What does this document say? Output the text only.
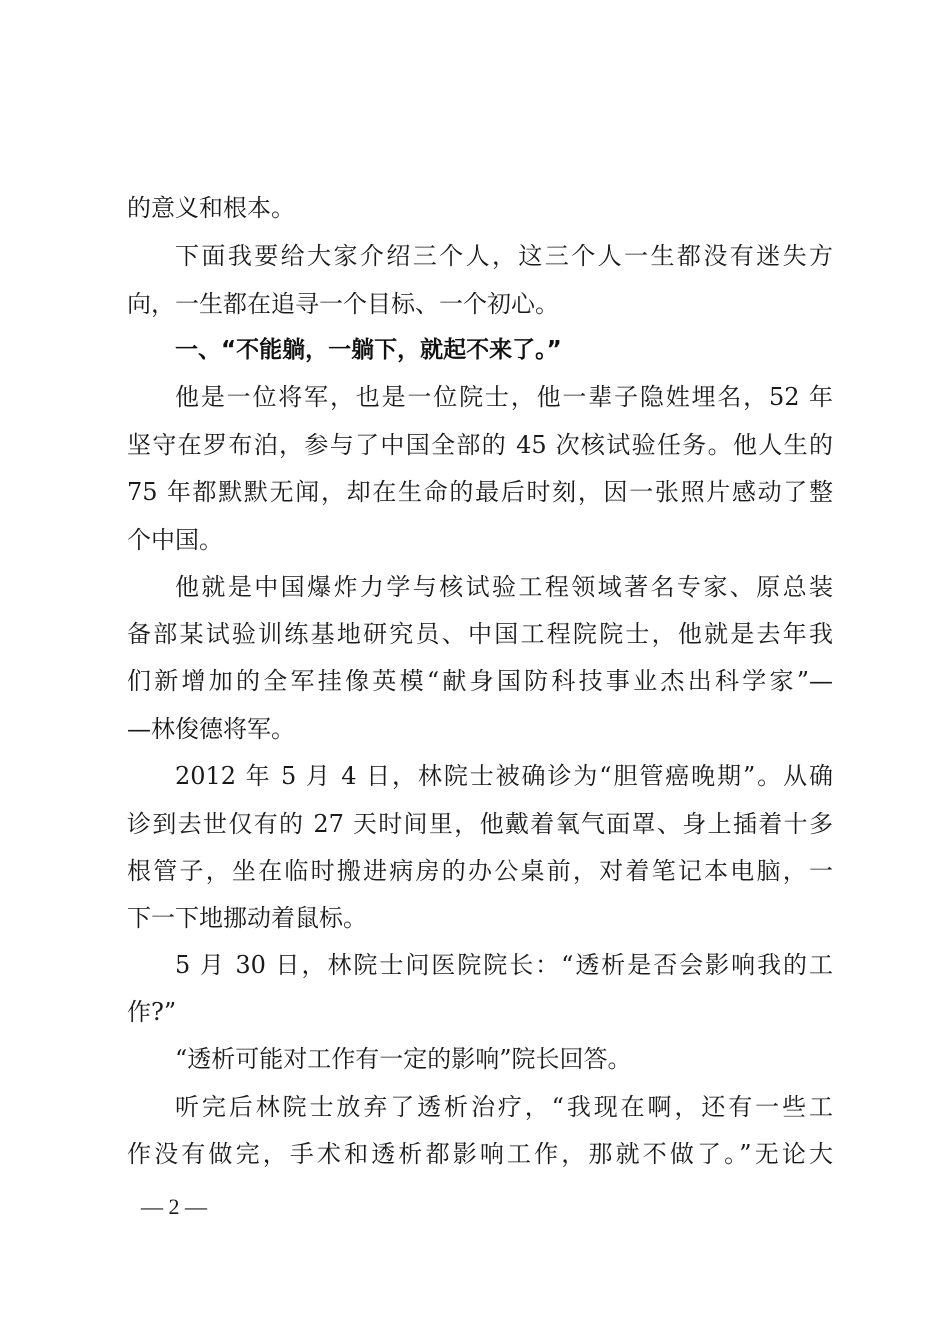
的意义和根本。
下面我要给大家介绍三个人，这三个人一生都没有迷失方
向，一生都在追寻一个目标、一个初心。
一、“不能躺，一躺下，就起不来了。”
他是一位将军，也是一位院士，他一辈子隐姓埋名，52 年
坚守在罗布泊，参与了中国全部的 45 次核试验任务。他人生的
75 年都默默无闻，却在生命的最后时刻，因一张照片感动了整
个中国。
他就是中国爆炸力学与核试验工程领域著名专家、原总装
备部某试验训练基地研究员、中国工程院院士，他就是去年我
们新增加的全军挂像英模“献身国防科技事业杰出科学家”—
—林俊德将军。
2012 年 5 月 4 日，林院士被确诊为“胆管癌晚期”。从确
诊到去世仅有的 27 天时间里，他戴着氧气面罩、身上插着十多
根管子，坐在临时搬进病房的办公桌前，对着笔记本电脑，一
下一下地挪动着鼠标。
5 月 30 日，林院士问医院院长：“透析是否会影响我的工
作?”
“透析可能对工作有一定的影响”院长回答。
听完后林院士放弃了透析治疗，“我现在啊，还有一些工
作没有做完，手术和透析都影响工作，那就不做了。”无论大
— 2 —
